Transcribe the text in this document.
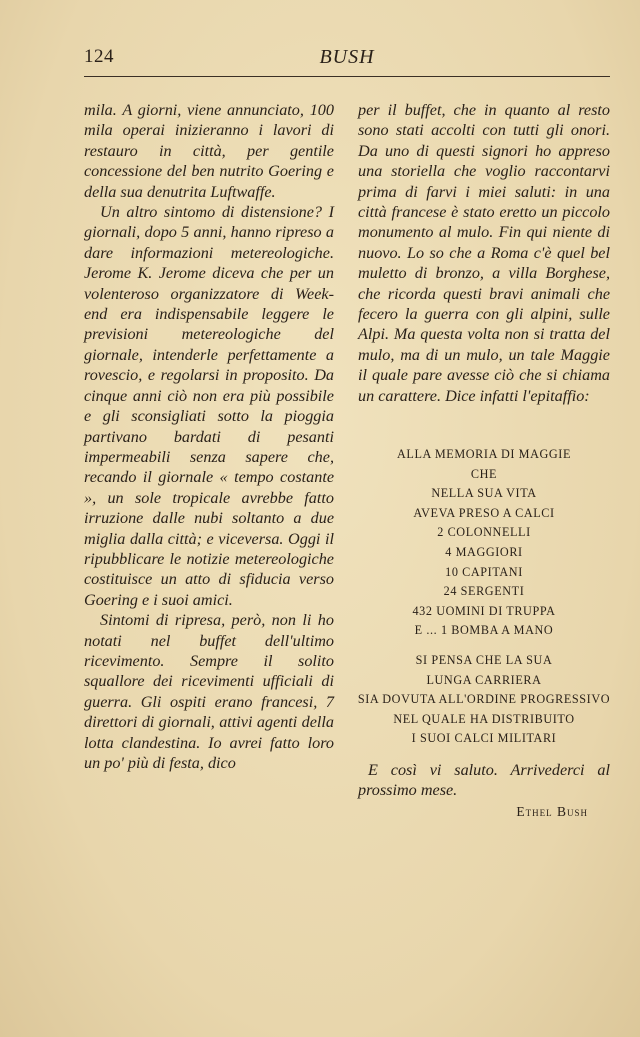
124	BUSH

mila. A giorni, viene annunciato, 100 mila operai inizieranno i lavori di restauro in città, per gentile concessione del ben nutrito Goering e della sua denutrita Luftwaffe.

Un altro sintomo di distensione? I giornali, dopo 5 anni, hanno ripreso a dare informazioni metereologiche. Jerome K. Jerome diceva che per un volenteroso organizzatore di Week-end era indispensabile leggere le previsioni metereologiche del giornale, intenderle perfettamente a rovescio, e regolarsi in proposito. Da cinque anni ciò non era più possibile e gli sconsigliati sotto la pioggia partivano bardati di pesanti impermeabili senza sapere che, recando il giornale « tempo costante », un sole tropicale avrebbe fatto irruzione dalle nubi soltanto a due miglia dalla città; e viceversa. Oggi il ripubblicare le notizie metereologiche costituisce un atto di sfiducia verso Goering e i suoi amici.

Sintomi di ripresa, però, non li ho notati nel buffet dell'ultimo ricevimento. Sempre il solito squallore dei ricevimenti ufficiali di guerra. Gli ospiti erano francesi, 7 direttori di giornali, attivi agenti della lotta clandestina. Io avrei fatto loro un po' più di festa, dico

per il buffet, che in quanto al resto sono stati accolti con tutti gli onori. Da uno di questi signori ho appreso una storiella che voglio raccontarvi prima di farvi i miei saluti: in una città francese è stato eretto un piccolo monumento al mulo. Fin qui niente di nuovo. Lo so che a Roma c'è quel bel muletto di bronzo, a villa Borghese, che ricorda questi bravi animali che fecero la guerra con gli alpini, sulle Alpi. Ma questa volta non si tratta del mulo, ma di un mulo, un tale Maggie il quale pare avesse ciò che si chiama un carattere. Dice infatti l'epitaffio:

ALLA MEMORIA DI MAGGIE
CHE
NELLA SUA VITA
AVEVA PRESO A CALCI
2 COLONNELLI
4 MAGGIORI
10 CAPITANI
24 SERGENTI
432 UOMINI DI TRUPPA
E ... 1 BOMBA A MANO
SI PENSA CHE LA SUA
LUNGA CARRIERA
SIA DOVUTA ALL'ORDINE PROGRESSIVO
NEL QUALE HA DISTRIBUITO
I SUOI CALCI MILITARI
E così vi saluto. Arrivederci al prossimo mese.
Ethel Bush
